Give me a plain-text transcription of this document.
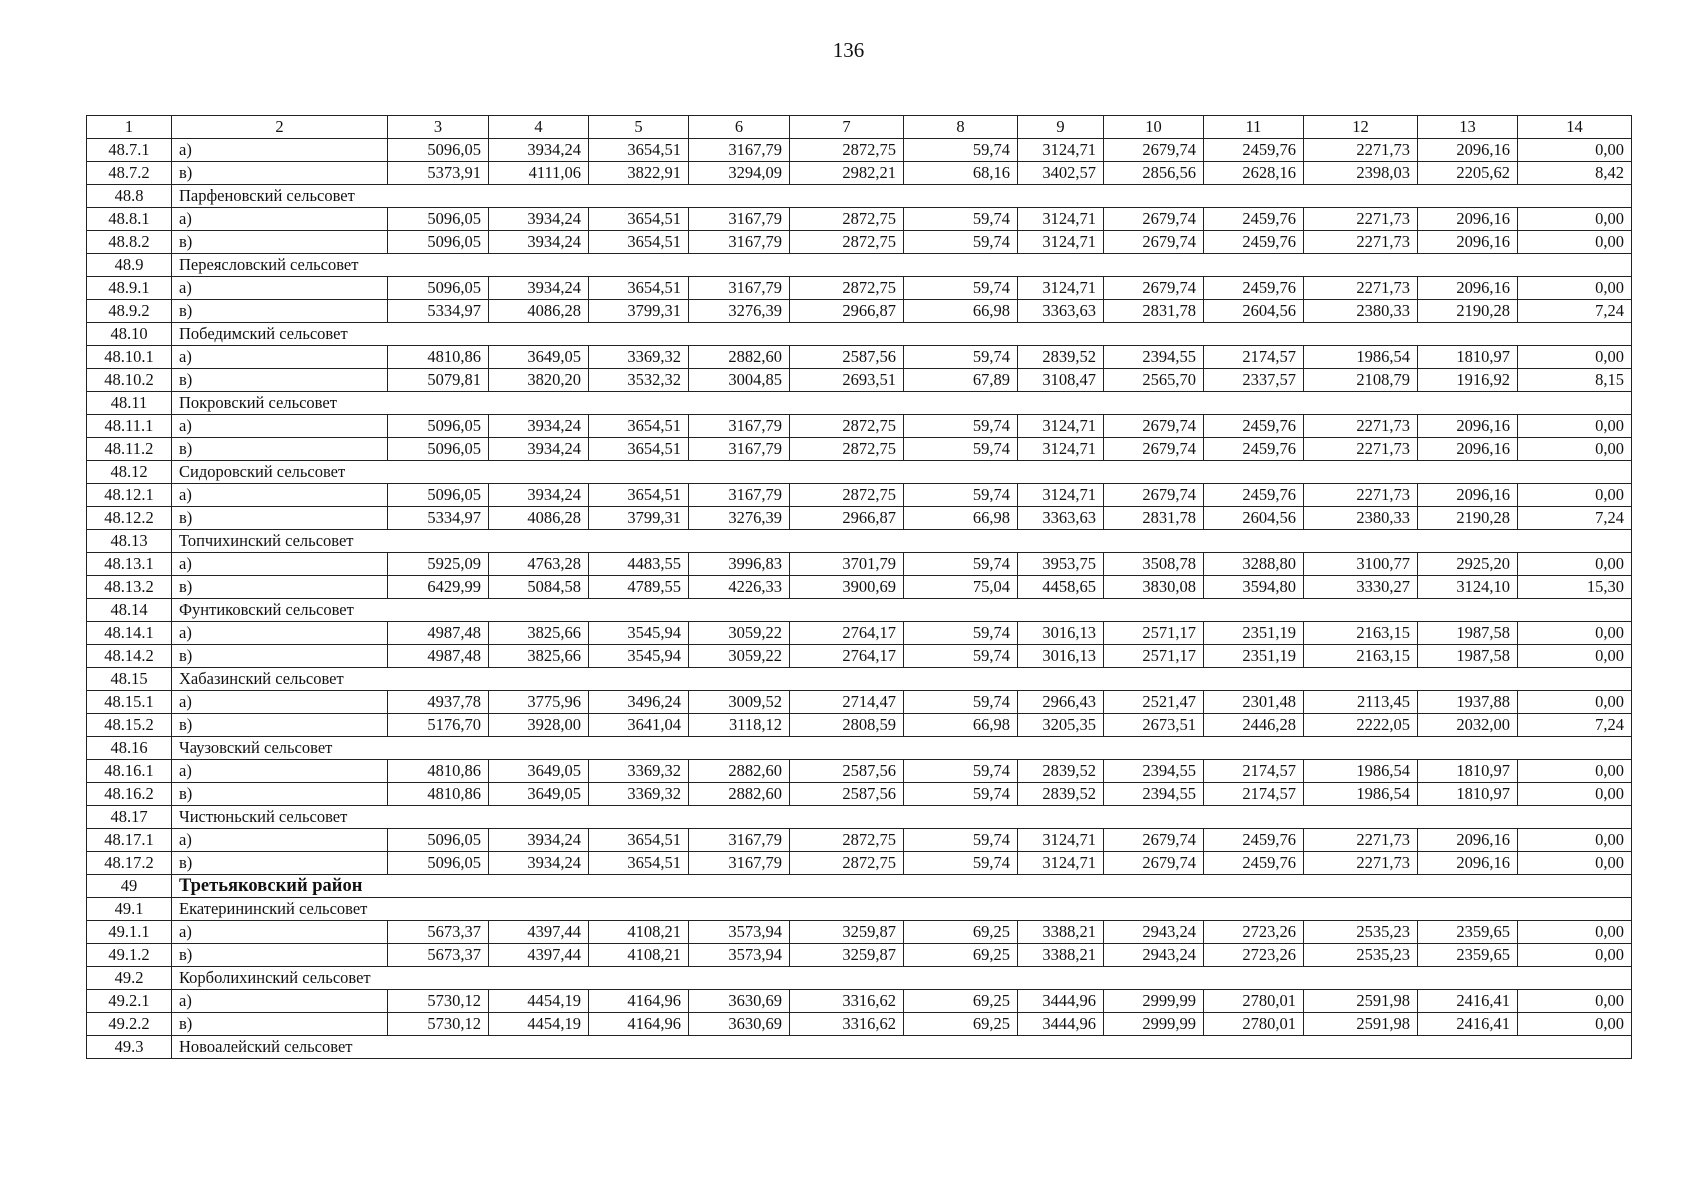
136
1	2	3	4	5	6	7	8	9	10	11	12	13	14
48.7.1	а)	5096,05	3934,24	3654,51	3167,79	2872,75	59,74	3124,71	2679,74	2459,76	2271,73	2096,16	0,00
48.7.2	в)	5373,91	4111,06	3822,91	3294,09	2982,21	68,16	3402,57	2856,56	2628,16	2398,03	2205,62	8,42
48.8	Парфеновский сельсовет												
48.8.1	а)	5096,05	3934,24	3654,51	3167,79	2872,75	59,74	3124,71	2679,74	2459,76	2271,73	2096,16	0,00
48.8.2	в)	5096,05	3934,24	3654,51	3167,79	2872,75	59,74	3124,71	2679,74	2459,76	2271,73	2096,16	0,00
48.9	Переясловский сельсовет												
48.9.1	а)	5096,05	3934,24	3654,51	3167,79	2872,75	59,74	3124,71	2679,74	2459,76	2271,73	2096,16	0,00
48.9.2	в)	5334,97	4086,28	3799,31	3276,39	2966,87	66,98	3363,63	2831,78	2604,56	2380,33	2190,28	7,24
48.10	Победимский сельсовет												
48.10.1	а)	4810,86	3649,05	3369,32	2882,60	2587,56	59,74	2839,52	2394,55	2174,57	1986,54	1810,97	0,00
48.10.2	в)	5079,81	3820,20	3532,32	3004,85	2693,51	67,89	3108,47	2565,70	2337,57	2108,79	1916,92	8,15
48.11	Покровский сельсовет												
48.11.1	а)	5096,05	3934,24	3654,51	3167,79	2872,75	59,74	3124,71	2679,74	2459,76	2271,73	2096,16	0,00
48.11.2	в)	5096,05	3934,24	3654,51	3167,79	2872,75	59,74	3124,71	2679,74	2459,76	2271,73	2096,16	0,00
48.12	Сидоровский сельсовет												
48.12.1	а)	5096,05	3934,24	3654,51	3167,79	2872,75	59,74	3124,71	2679,74	2459,76	2271,73	2096,16	0,00
48.12.2	в)	5334,97	4086,28	3799,31	3276,39	2966,87	66,98	3363,63	2831,78	2604,56	2380,33	2190,28	7,24
48.13	Топчихинский сельсовет												
48.13.1	а)	5925,09	4763,28	4483,55	3996,83	3701,79	59,74	3953,75	3508,78	3288,80	3100,77	2925,20	0,00
48.13.2	в)	6429,99	5084,58	4789,55	4226,33	3900,69	75,04	4458,65	3830,08	3594,80	3330,27	3124,10	15,30
48.14	Фунтиковский сельсовет												
48.14.1	а)	4987,48	3825,66	3545,94	3059,22	2764,17	59,74	3016,13	2571,17	2351,19	2163,15	1987,58	0,00
48.14.2	в)	4987,48	3825,66	3545,94	3059,22	2764,17	59,74	3016,13	2571,17	2351,19	2163,15	1987,58	0,00
48.15	Хабазинский сельсовет												
48.15.1	а)	4937,78	3775,96	3496,24	3009,52	2714,47	59,74	2966,43	2521,47	2301,48	2113,45	1937,88	0,00
48.15.2	в)	5176,70	3928,00	3641,04	3118,12	2808,59	66,98	3205,35	2673,51	2446,28	2222,05	2032,00	7,24
48.16	Чаузовский сельсовет												
48.16.1	а)	4810,86	3649,05	3369,32	2882,60	2587,56	59,74	2839,52	2394,55	2174,57	1986,54	1810,97	0,00
48.16.2	в)	4810,86	3649,05	3369,32	2882,60	2587,56	59,74	2839,52	2394,55	2174,57	1986,54	1810,97	0,00
48.17	Чистюньский сельсовет												
48.17.1	а)	5096,05	3934,24	3654,51	3167,79	2872,75	59,74	3124,71	2679,74	2459,76	2271,73	2096,16	0,00
48.17.2	в)	5096,05	3934,24	3654,51	3167,79	2872,75	59,74	3124,71	2679,74	2459,76	2271,73	2096,16	0,00
49	Третьяковский район												
49.1	Екатерининский сельсовет												
49.1.1	а)	5673,37	4397,44	4108,21	3573,94	3259,87	69,25	3388,21	2943,24	2723,26	2535,23	2359,65	0,00
49.1.2	в)	5673,37	4397,44	4108,21	3573,94	3259,87	69,25	3388,21	2943,24	2723,26	2535,23	2359,65	0,00
49.2	Корболихинский сельсовет												
49.2.1	а)	5730,12	4454,19	4164,96	3630,69	3316,62	69,25	3444,96	2999,99	2780,01	2591,98	2416,41	0,00
49.2.2	в)	5730,12	4454,19	4164,96	3630,69	3316,62	69,25	3444,96	2999,99	2780,01	2591,98	2416,41	0,00
49.3	Новоалейский сельсовет												
